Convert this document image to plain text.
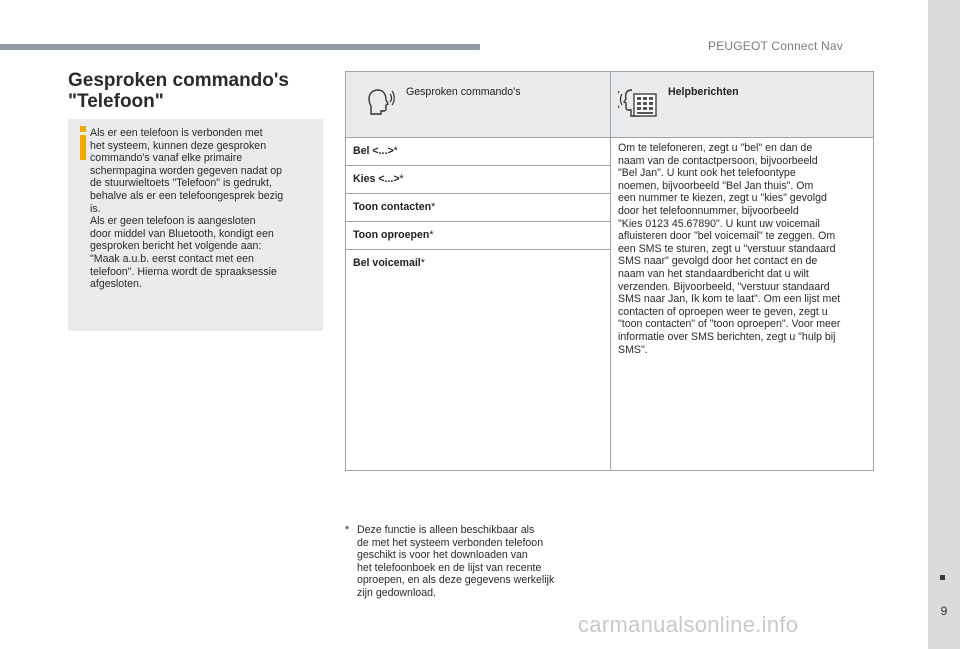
PEUGEOT Connect Nav
9
Gesproken commando's "Telefoon"

Als er een telefoon is verbonden met
het systeem, kunnen deze gesproken
commando's vanaf elke primaire
schermpagina worden gegeven nadat op
de stuurwieltoets "Telefoon" is gedrukt,
behalve als er een telefoongesprek bezig
is.
Als er geen telefoon is aangesloten
door middel van Bluetooth, kondigt een
gesproken bericht het volgende aan:
"Maak a.u.b. eerst contact met een
telefoon". Hierna wordt de spraaksessie
afgesloten.

Gesproken commando's	Helpberichten
Bel <...>*
Kies <...>*
Toon contacten*
Toon oproepen*
Bel voicemail*

Om te telefoneren, zegt u "bel" en dan de
naam van de contactpersoon, bijvoorbeeld
"Bel Jan". U kunt ook het telefoontype
noemen, bijvoorbeeld "Bel Jan thuis". Om
een nummer te kiezen, zegt u "kies" gevolgd
door het telefoonnummer, bijvoorbeeld
"Kies 0123 45.67890". U kunt uw voicemail
afluisteren door "bel voicemail" te zeggen. Om
een SMS te sturen, zegt u "verstuur standaard
SMS naar" gevolgd door het contact en de
naam van het standaardbericht dat u wilt
verzenden. Bijvoorbeeld, "verstuur standaard
SMS naar Jan, Ik kom te laat". Om een lijst met
contacten of oproepen weer te geven, zegt u
"toon contacten" of "toon oproepen". Voor meer
informatie over SMS berichten, zegt u "hulp bij
SMS".

* Deze functie is alleen beschikbaar als
de met het systeem verbonden telefoon
geschikt is voor het downloaden van
het telefoonboek en de lijst van recente
oproepen, en als deze gegevens werkelijk
zijn gedownload.
carmanualsonline.info
